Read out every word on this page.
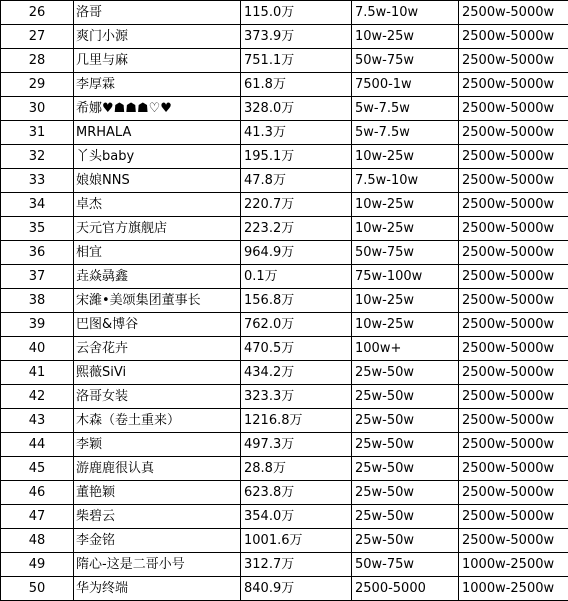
26	洛哥	115.0万	7.5w-10w	2500w-5000w
27	爽门小源	373.9万	10w-25w	2500w-5000w
28	几里与麻	751.1万	50w-75w	2500w-5000w
29	李厚霖	61.8万	7500-1w	2500w-5000w
30	希娜♥☗☗☗♡♥	328.0万	5w-7.5w	2500w-5000w
31	MRHALA	41.3万	5w-7.5w	2500w-5000w
32	丫头baby	195.1万	10w-25w	2500w-5000w
33	娘娘NNS	47.8万	7.5w-10w	2500w-5000w
34	卓杰	220.7万	10w-25w	2500w-5000w
35	天元官方旗舰店	223.2万	10w-25w	2500w-5000w
36	相宜	964.9万	50w-75w	2500w-5000w
37	垚焱骉鑫	0.1万	75w-100w	2500w-5000w
38	宋濰•美颂集团董事长	156.8万	10w-25w	2500w-5000w
39	巴图&博谷	762.0万	10w-25w	2500w-5000w
40	云舍花卉	470.5万	100w+	2500w-5000w
41	熙薇SiVi	434.2万	25w-50w	2500w-5000w
42	洛哥女装	323.3万	25w-50w	2500w-5000w
43	木森（卷土重来）	1216.8万	25w-50w	2500w-5000w
44	李颖	497.3万	25w-50w	2500w-5000w
45	游鹿鹿很认真	28.8万	25w-50w	2500w-5000w
46	董艳颖	623.8万	25w-50w	2500w-5000w
47	柴碧云	354.0万	25w-50w	2500w-5000w
48	李金铭	1001.6万	25w-50w	2500w-5000w
49	隋心-这是二哥小号	312.7万	50w-75w	1000w-2500w
50	华为终端	840.9万	2500-5000	1000w-2500w
